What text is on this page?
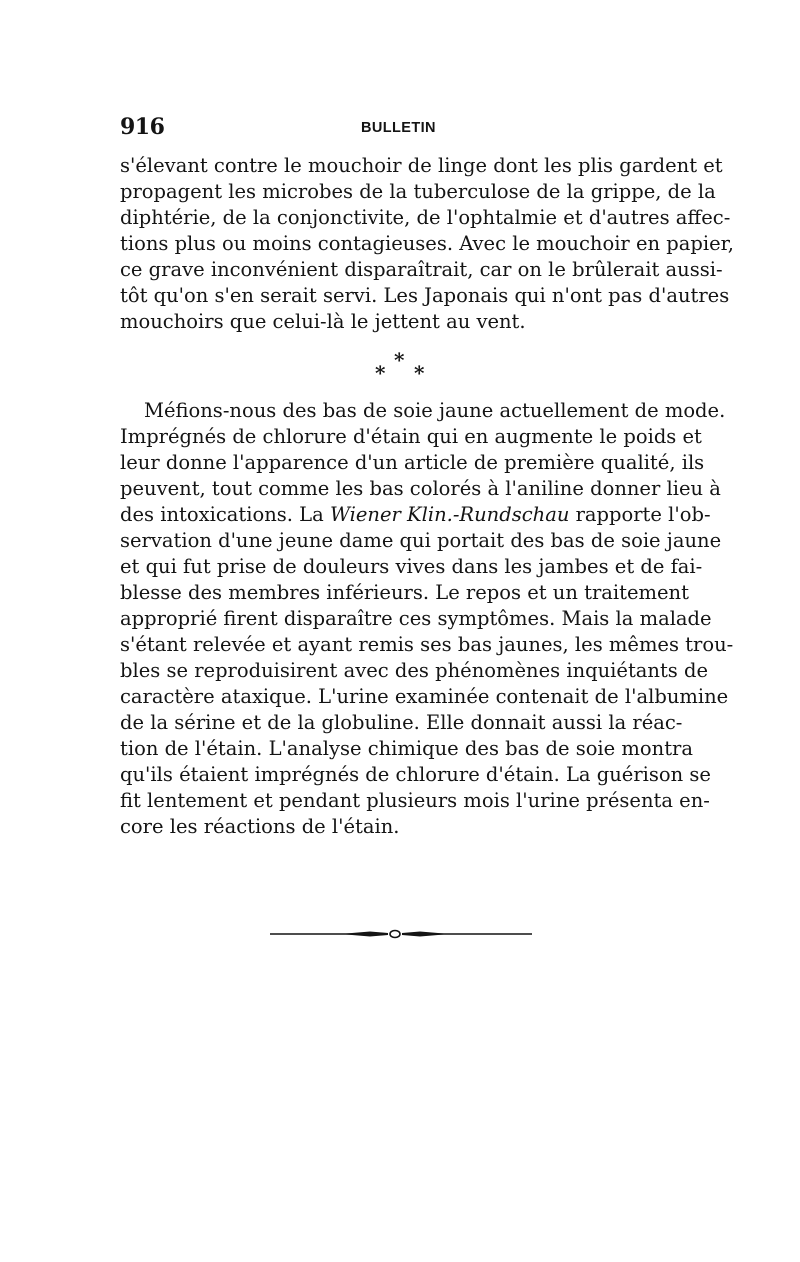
916	BULLETIN
s'élevant contre le mouchoir de linge dont les plis gardent et
propagent les microbes de la tuberculose de la grippe, de la
diphtérie, de la conjonctivite, de l'ophtalmie et d'autres affec-
tions plus ou moins contagieuses. Avec le mouchoir en papier,
ce grave inconvénient disparaîtrait, car on le brûlerait aussi-
tôt qu'on s'en serait servi. Les Japonais qui n'ont pas d'autres
mouchoirs que celui-là le jettent au vent.
*
* *
Méfions-nous des bas de soie jaune actuellement de mode.
Imprégnés de chlorure d'étain qui en augmente le poids et
leur donne l'apparence d'un article de première qualité, ils
peuvent, tout comme les bas colorés à l'aniline donner lieu à
des intoxications. La Wiener Klin.-Rundschau rapporte l'ob-
servation d'une jeune dame qui portait des bas de soie jaune
et qui fut prise de douleurs vives dans les jambes et de fai-
blesse des membres inférieurs. Le repos et un traitement
approprié firent disparaître ces symptômes. Mais la malade
s'étant relevée et ayant remis ses bas jaunes, les mêmes trou-
bles se reproduisirent avec des phénomènes inquiétants de
caractère ataxique. L'urine examinée contenait de l'albumine
de la sérine et de la globuline. Elle donnait aussi la réac-
tion de l'étain. L'analyse chimique des bas de soie montra
qu'ils étaient imprégnés de chlorure d'étain. La guérison se
fit lentement et pendant plusieurs mois l'urine présenta en-
core les réactions de l'étain.
